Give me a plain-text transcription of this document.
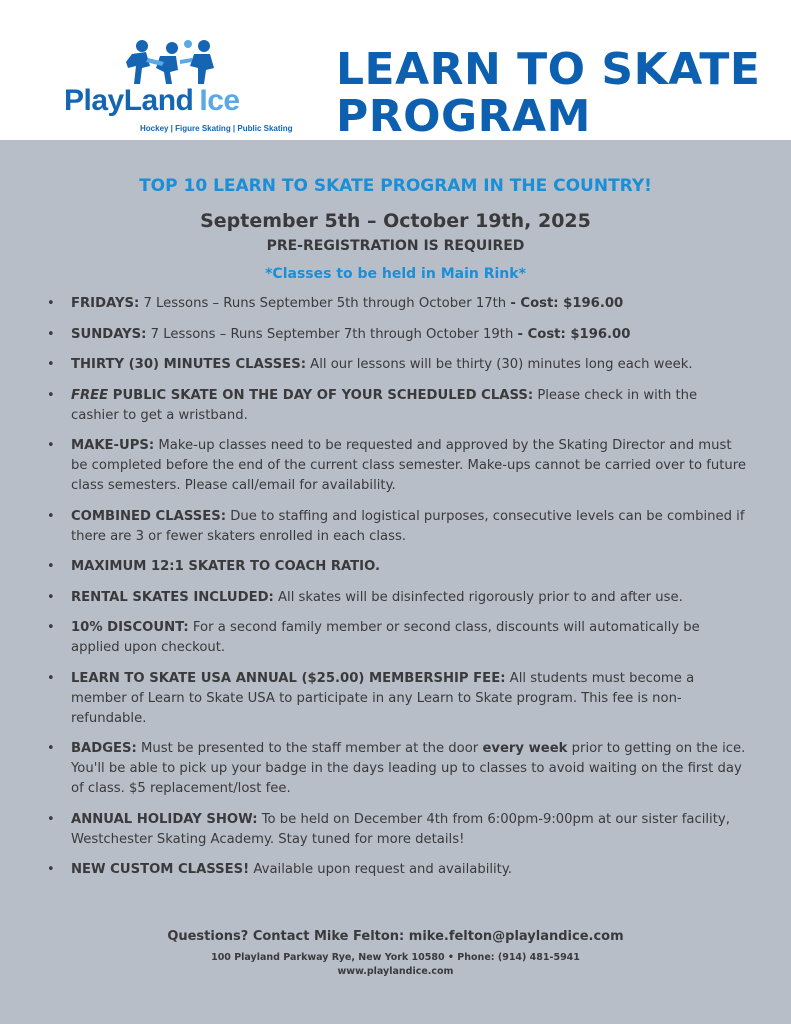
PlayLand Ice
Hockey | Figure Skating | Public Skating
LEARN TO SKATE
PROGRAM
TOP 10 LEARN TO SKATE PROGRAM IN THE COUNTRY!
September 5th – October 19th, 2025
PRE-REGISTRATION IS REQUIRED
*Classes to be held in Main Rink*
• FRIDAYS: 7 Lessons – Runs September 5th through October 17th - Cost: $196.00
• SUNDAYS: 7 Lessons – Runs September 7th through October 19th - Cost: $196.00
• THIRTY (30) MINUTES CLASSES: All our lessons will be thirty (30) minutes long each week.
• FREE PUBLIC SKATE ON THE DAY OF YOUR SCHEDULED CLASS: Please check in with the cashier to get a wristband.
• MAKE-UPS: Make-up classes need to be requested and approved by the Skating Director and must be completed before the end of the current class semester. Make-ups cannot be carried over to future class semesters. Please call/email for availability.
• COMBINED CLASSES: Due to staffing and logistical purposes, consecutive levels can be combined if there are 3 or fewer skaters enrolled in each class.
• MAXIMUM 12:1 SKATER TO COACH RATIO.
• RENTAL SKATES INCLUDED: All skates will be disinfected rigorously prior to and after use.
• 10% DISCOUNT: For a second family member or second class, discounts will automatically be applied upon checkout.
• LEARN TO SKATE USA ANNUAL ($25.00) MEMBERSHIP FEE: All students must become a member of Learn to Skate USA to participate in any Learn to Skate program. This fee is non-refundable.
• BADGES: Must be presented to the staff member at the door every week prior to getting on the ice. You'll be able to pick up your badge in the days leading up to classes to avoid waiting on the first day of class. $5 replacement/lost fee.
• ANNUAL HOLIDAY SHOW: To be held on December 4th from 6:00pm-9:00pm at our sister facility, Westchester Skating Academy. Stay tuned for more details!
• NEW CUSTOM CLASSES! Available upon request and availability.
Questions? Contact Mike Felton: mike.felton@playlandice.com
100 Playland Parkway Rye, New York 10580 • Phone: (914) 481-5941
www.playlandice.com
